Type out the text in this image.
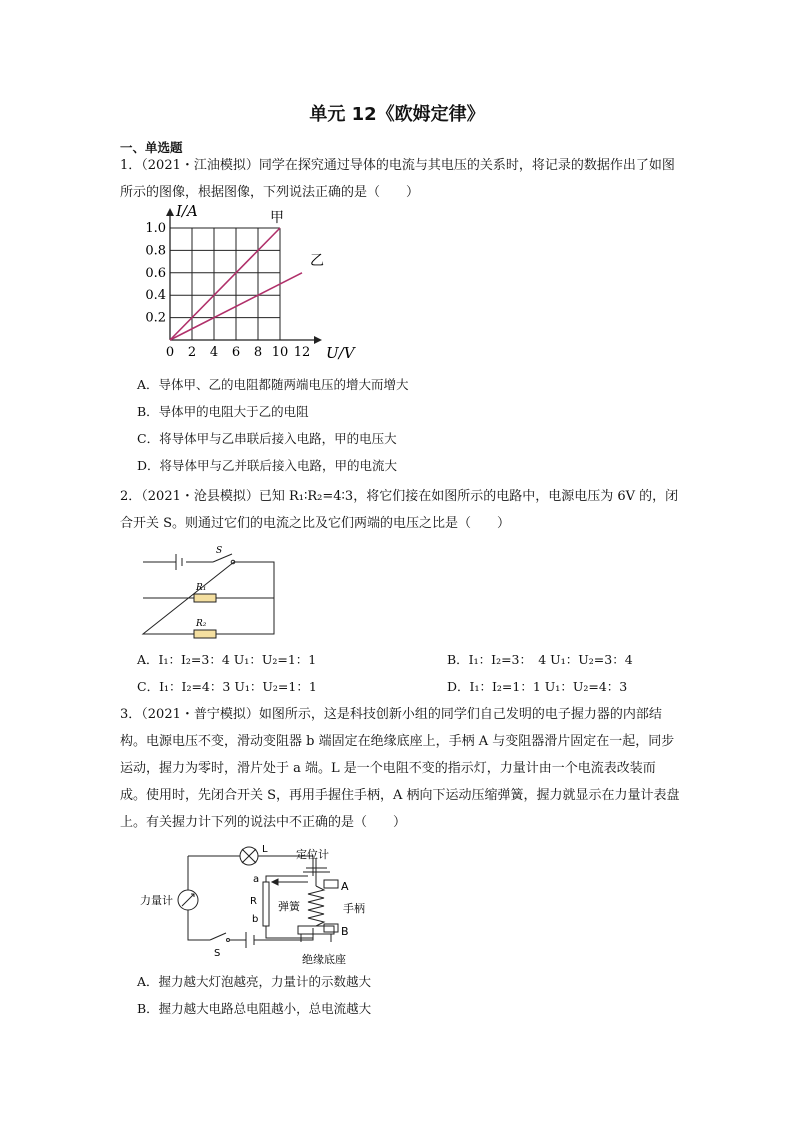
单元 12《欧姆定律》
一、单选题
1．（2021・江油模拟）同学在探究通过导体的电流与其电压的关系时，将记录的数据作出了如图所示的图像，根据图像，下列说法正确的是（　　）
甲
乙
0 2 4 6 8 10 12
0.2
0.4
0.6
0.8
1.0
U/V
I/A
A．导体甲、乙的电阻都随两端电压的增大而增大
B．导体甲的电阻大于乙的电阻
C．将导体甲与乙串联后接入电路，甲的电压大
D．将导体甲与乙并联后接入电路，甲的电流大
2．（2021・沧县模拟）已知 R₁∶R₂=4∶3，将它们接在如图所示的电路中，电源电压为 6V 的，闭合开关 S。则通过它们的电流之比及它们两端的电压之比是（　　）
S
R₁
R₂
A．I₁：I₂=3：4 U₁：U₂=1：1	B．I₁：I₂=3：　4 U₁：U₂=3：4
C．I₁：I₂=4：3 U₁：U₂=1：1	D．I₁：I₂=1：1 U₁：U₂=4：3
3．（2021・普宁模拟）如图所示，这是科技创新小组的同学们自己发明的电子握力器的内部结构。电源电压不变，滑动变阻器 b 端固定在绝缘底座上，手柄 A 与变阻器滑片固定在一起，同步运动，握力为零时，滑片处于 a 端。L 是一个电阻不变的指示灯，力量计由一个电流表改装而成。使用时，先闭合开关 S，再用手握住手柄，A 柄向下运动压缩弹簧，握力就显示在力量计表盘上。有关握力计下列的说法中不正确的是（　　）
L
力量计
S
R
a
b
定位计
弹簧	手柄
A
B
绝缘底座
A．握力越大灯泡越亮，力量计的示数越大
B．握力越大电路总电阻越小，总电流越大
